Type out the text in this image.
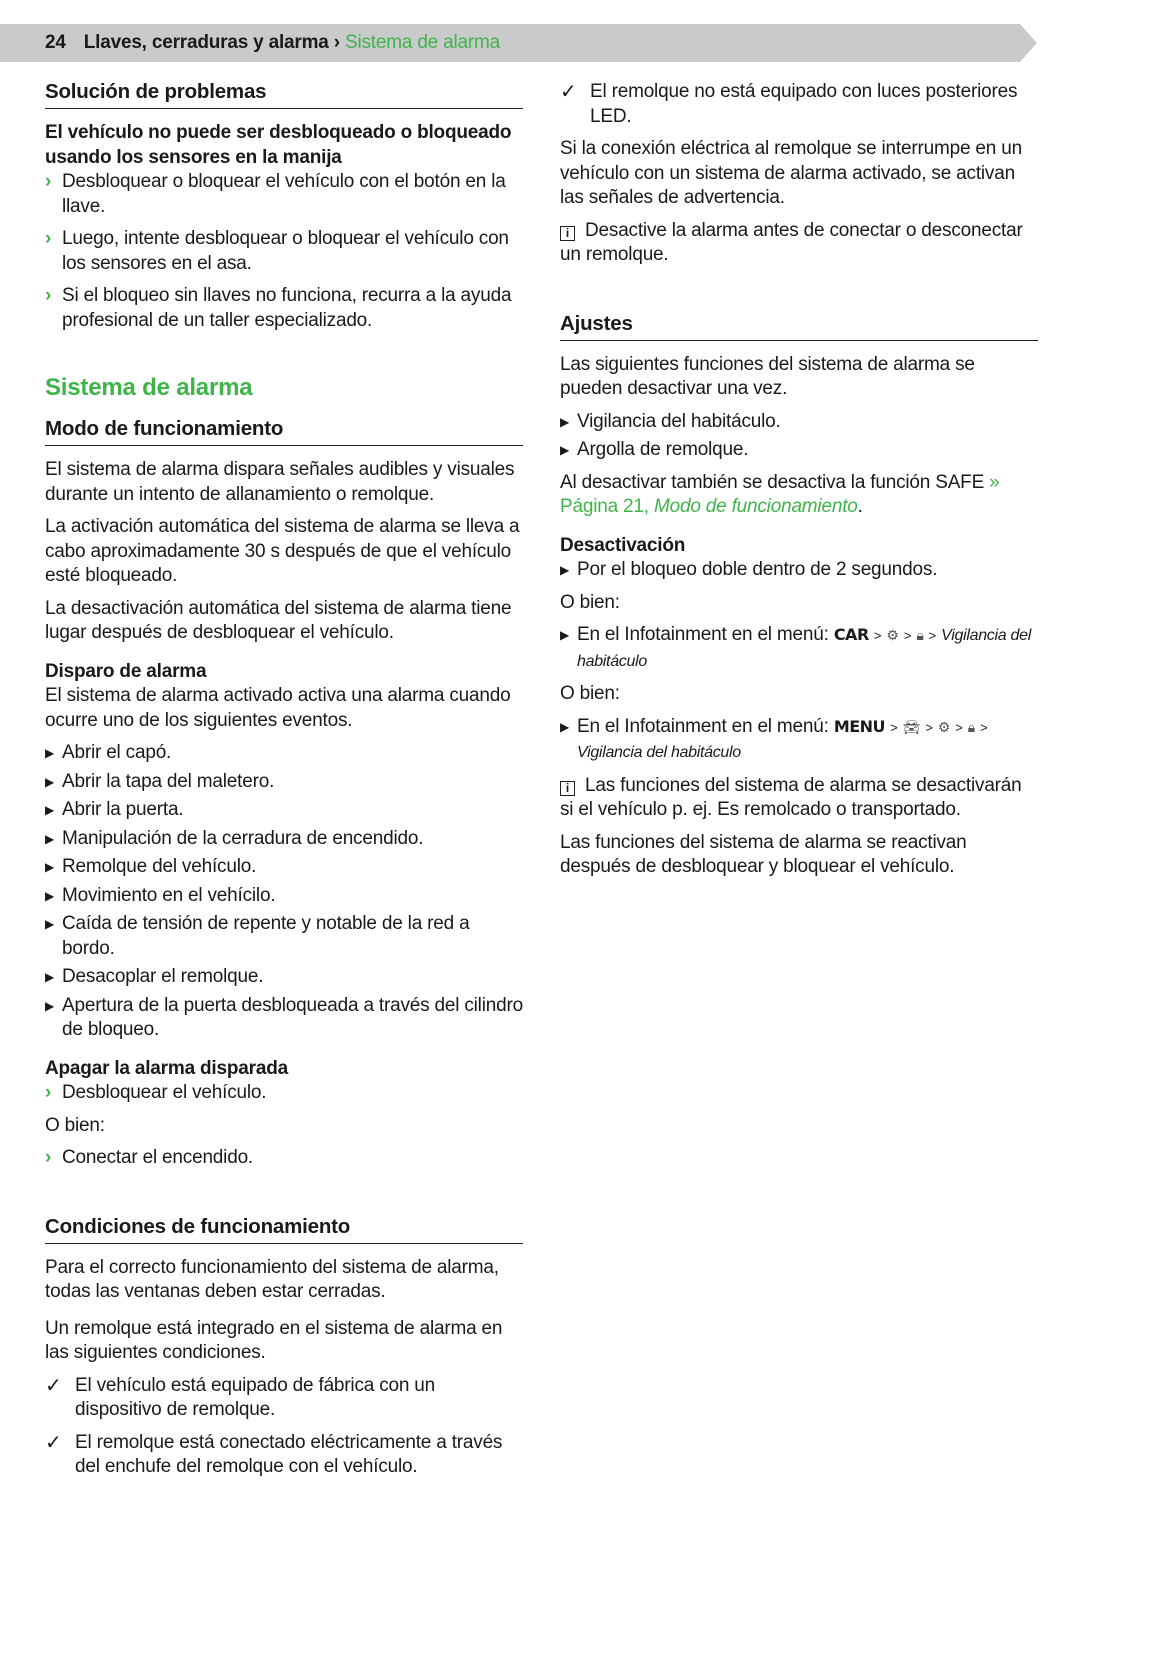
24 Llaves, cerraduras y alarma › Sistema de alarma
Solución de problemas
El vehículo no puede ser desbloqueado o bloqueado usando los sensores en la manija
› Desbloquear o bloquear el vehículo con el botón en la llave.
› Luego, intente desbloquear o bloquear el vehículo con los sensores en el asa.
› Si el bloqueo sin llaves no funciona, recurra a la ayuda profesional de un taller especializado.
Sistema de alarma
Modo de funcionamiento
El sistema de alarma dispara señales audibles y visuales durante un intento de allanamiento o remolque.
La activación automática del sistema de alarma se lleva a cabo aproximadamente 30 s después de que el vehículo esté bloqueado.
La desactivación automática del sistema de alarma tiene lugar después de desbloquear el vehículo.
Disparo de alarma
El sistema de alarma activado activa una alarma cuando ocurre uno de los siguientes eventos.
▶ Abrir el capó.
▶ Abrir la tapa del maletero.
▶ Abrir la puerta.
▶ Manipulación de la cerradura de encendido.
▶ Remolque del vehículo.
▶ Movimiento en el vehícilo.
▶ Caída de tensión de repente y notable de la red a bordo.
▶ Desacoplar el remolque.
▶ Apertura de la puerta desbloqueada a través del cilindro de bloqueo.
Apagar la alarma disparada
› Desbloquear el vehículo.
O bien:
› Conectar el encendido.
Condiciones de funcionamiento
Para el correcto funcionamiento del sistema de alarma, todas las ventanas deben estar cerradas.
Un remolque está integrado en el sistema de alarma en las siguientes condiciones.
✓ El vehículo está equipado de fábrica con un dispositivo de remolque.
✓ El remolque está conectado eléctricamente a través del enchufe del remolque con el vehículo.
✓ El remolque no está equipado con luces posteriores LED.
Si la conexión eléctrica al remolque se interrumpe en un vehículo con un sistema de alarma activado, se activan las señales de advertencia.
i Desactive la alarma antes de conectar o desconectar un remolque.
Ajustes
Las siguientes funciones del sistema de alarma se pueden desactivar una vez.
▶ Vigilancia del habitáculo.
▶ Argolla de remolque.
Al desactivar también se desactiva la función SAFE » Página 21, Modo de funcionamiento.
Desactivación
▶ Por el bloqueo doble dentro de 2 segundos.
O bien:
▶ En el Infotainment en el menú: CAR > ⚙ > 🔒︎ > Vigilancia del habitáculo
O bien:
▶ En el Infotainment en el menú: MENU > 🚘︎ > ⚙ > 🔒︎ > Vigilancia del habitáculo
i Las funciones del sistema de alarma se desactivarán si el vehículo p. ej. Es remolcado o transportado.
Las funciones del sistema de alarma se reactivan después de desbloquear y bloquear el vehículo.
